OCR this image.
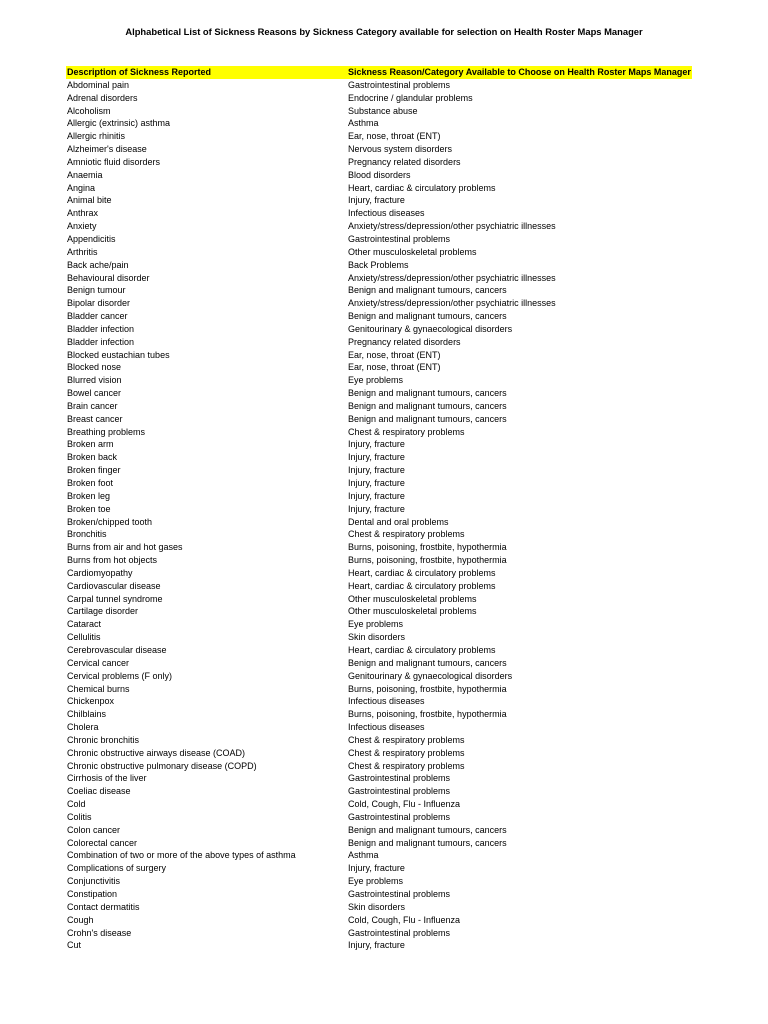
Alphabetical List of Sickness Reasons by Sickness Category available for selection on Health Roster Maps Manager
Description of Sickness Reported	Sickness Reason/Category Available to Choose on Health Roster Maps Manager
Abdominal pain	Gastrointestinal problems
Adrenal disorders	Endocrine / glandular problems
Alcoholism	Substance abuse
Allergic (extrinsic) asthma	Asthma
Allergic rhinitis	Ear, nose, throat (ENT)
Alzheimer's disease	Nervous system disorders
Amniotic fluid disorders	Pregnancy related disorders
Anaemia	Blood disorders
Angina	Heart, cardiac & circulatory problems
Animal bite	Injury, fracture
Anthrax	Infectious diseases
Anxiety	Anxiety/stress/depression/other psychiatric illnesses
Appendicitis	Gastrointestinal problems
Arthritis	Other musculoskeletal problems
Back ache/pain	Back Problems
Behavioural disorder	Anxiety/stress/depression/other psychiatric illnesses
Benign tumour	Benign and malignant tumours, cancers
Bipolar disorder	Anxiety/stress/depression/other psychiatric illnesses
Bladder cancer	Benign and malignant tumours, cancers
Bladder infection	Genitourinary & gynaecological disorders
Bladder infection	Pregnancy related disorders
Blocked eustachian tubes	Ear, nose, throat (ENT)
Blocked nose	Ear, nose, throat (ENT)
Blurred vision	Eye problems
Bowel cancer	Benign and malignant tumours, cancers
Brain cancer	Benign and malignant tumours, cancers
Breast cancer	Benign and malignant tumours, cancers
Breathing problems	Chest & respiratory problems
Broken arm	Injury, fracture
Broken back	Injury, fracture
Broken finger	Injury, fracture
Broken foot	Injury, fracture
Broken leg	Injury, fracture
Broken toe	Injury, fracture
Broken/chipped tooth	Dental and oral problems
Bronchitis	Chest & respiratory problems
Burns from air and hot gases	Burns, poisoning, frostbite, hypothermia
Burns from hot objects	Burns, poisoning, frostbite, hypothermia
Cardiomyopathy	Heart, cardiac & circulatory problems
Cardiovascular disease	Heart, cardiac & circulatory problems
Carpal tunnel syndrome	Other musculoskeletal problems
Cartilage disorder	Other musculoskeletal problems
Cataract	Eye problems
Cellulitis	Skin disorders
Cerebrovascular disease	Heart, cardiac & circulatory problems
Cervical cancer	Benign and malignant tumours, cancers
Cervical problems (F only)	Genitourinary & gynaecological disorders
Chemical burns	Burns, poisoning, frostbite, hypothermia
Chickenpox	Infectious diseases
Chilblains	Burns, poisoning, frostbite, hypothermia
Cholera	Infectious diseases
Chronic bronchitis	Chest & respiratory problems
Chronic obstructive airways disease (COAD)	Chest & respiratory problems
Chronic obstructive pulmonary disease (COPD)	Chest & respiratory problems
Cirrhosis of the liver	Gastrointestinal problems
Coeliac disease	Gastrointestinal problems
Cold	Cold, Cough, Flu - Influenza
Colitis	Gastrointestinal problems
Colon cancer	Benign and malignant tumours, cancers
Colorectal cancer	Benign and malignant tumours, cancers
Combination of two or more of the above types of asthma	Asthma
Complications of surgery	Injury, fracture
Conjunctivitis	Eye problems
Constipation	Gastrointestinal problems
Contact dermatitis	Skin disorders
Cough	Cold, Cough, Flu - Influenza
Crohn's disease	Gastrointestinal problems
Cut	Injury, fracture
